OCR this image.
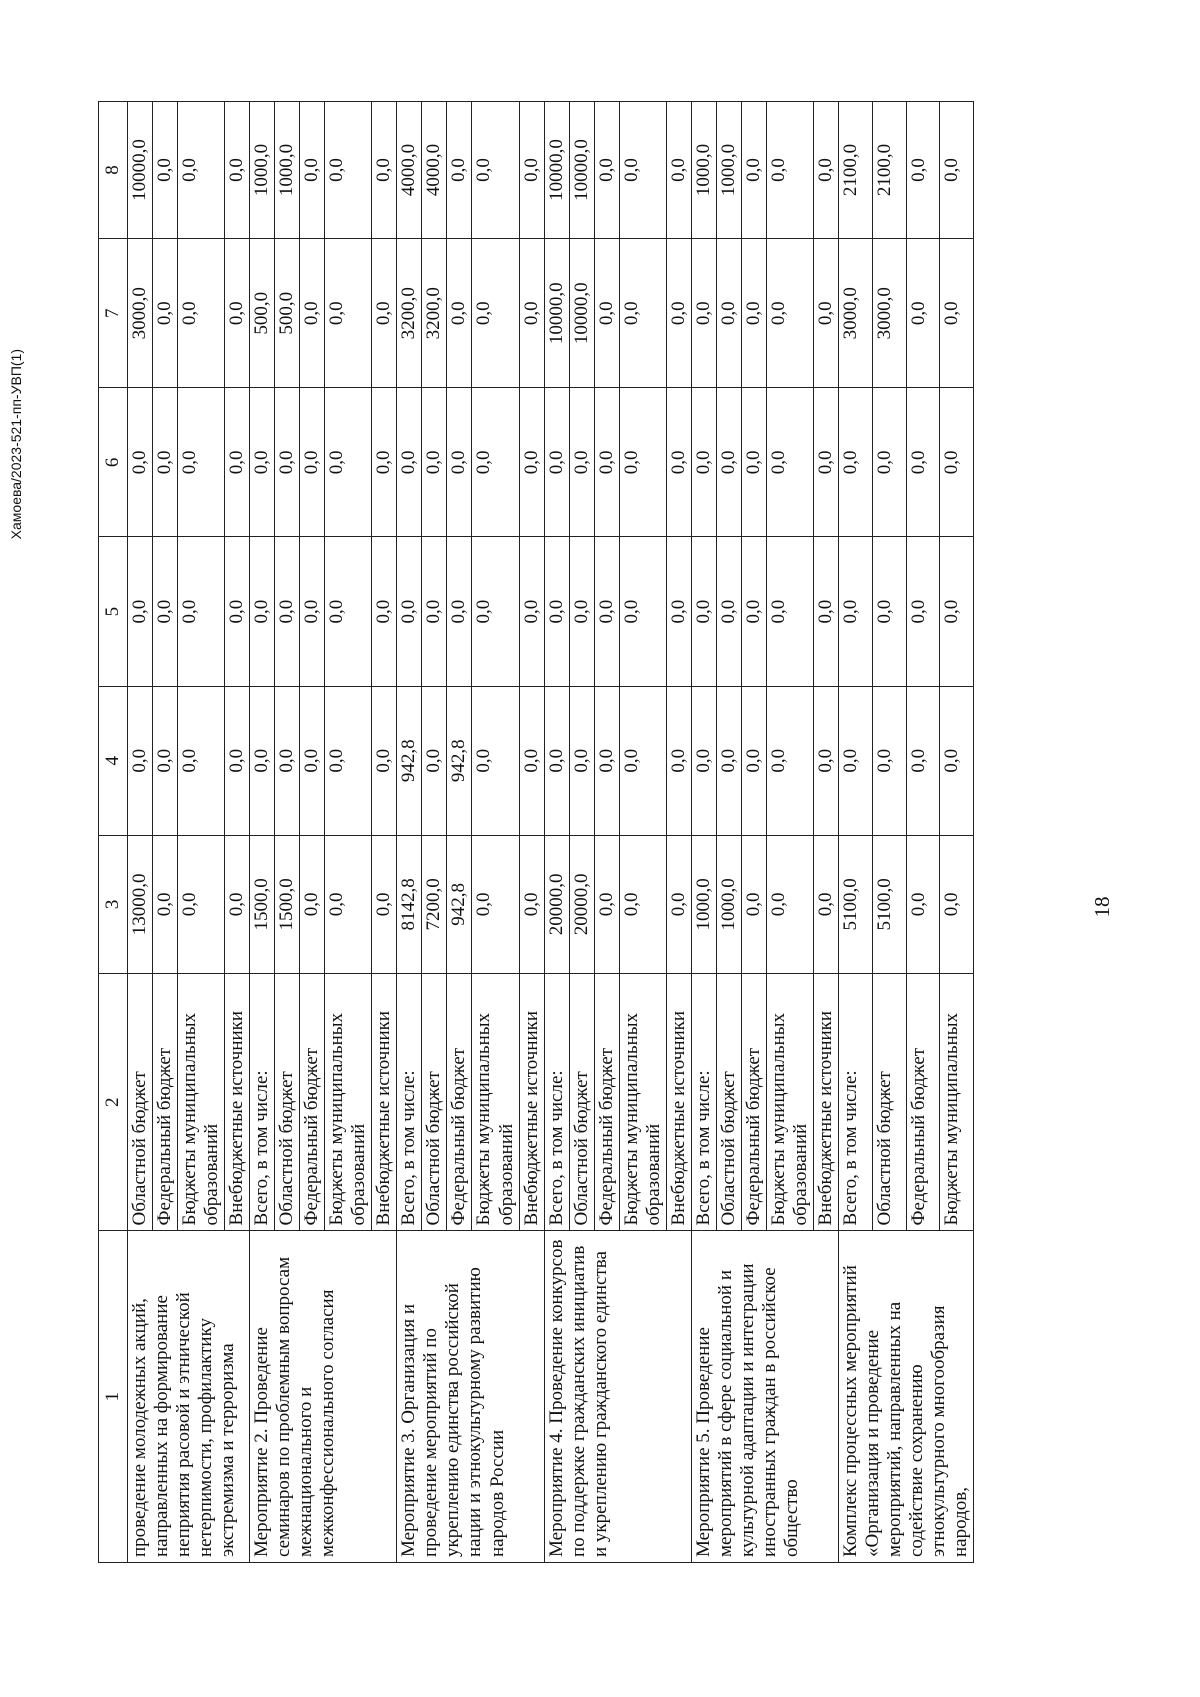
18
Хамоева/2023-521-пп-УВП(1)
1	2	3	4	5	6	7	8
проведение молодежных акций, направленных на формирование неприятия расовой и этнической нетерпимости, профилактику экстремизма и терроризма	Областной бюджет	13000,0	0,0	0,0	0,0	3000,0	10000,0
	Федеральный бюджет	0,0	0,0	0,0	0,0	0,0	0,0
	Бюджеты муниципальных образований	0,0	0,0	0,0	0,0	0,0	0,0
	Внебюджетные источники	0,0	0,0	0,0	0,0	0,0	0,0
Мероприятие 2. Проведение семинаров по проблемным вопросам межнационального и межконфессионального согласия	Всего, в том числе:	1500,0	0,0	0,0	0,0	500,0	1000,0
	Областной бюджет	1500,0	0,0	0,0	0,0	500,0	1000,0
	Федеральный бюджет	0,0	0,0	0,0	0,0	0,0	0,0
	Бюджеты муниципальных образований	0,0	0,0	0,0	0,0	0,0	0,0
	Внебюджетные источники	0,0	0,0	0,0	0,0	0,0	0,0
Мероприятие 3. Организация и проведение мероприятий по укреплению единства российской нации и этнокультурному развитию народов России	Всего, в том числе:	8142,8	942,8	0,0	0,0	3200,0	4000,0
	Областной бюджет	7200,0	0,0	0,0	0,0	3200,0	4000,0
	Федеральный бюджет	942,8	942,8	0,0	0,0	0,0	0,0
	Бюджеты муниципальных образований	0,0	0,0	0,0	0,0	0,0	0,0
	Внебюджетные источники	0,0	0,0	0,0	0,0	0,0	0,0
Мероприятие 4. Проведение конкурсов по поддержке гражданских инициатив и укреплению гражданского единства	Всего, в том числе:	20000,0	0,0	0,0	0,0	10000,0	10000,0
	Областной бюджет	20000,0	0,0	0,0	0,0	10000,0	10000,0
	Федеральный бюджет	0,0	0,0	0,0	0,0	0,0	0,0
	Бюджеты муниципальных образований	0,0	0,0	0,0	0,0	0,0	0,0
	Внебюджетные источники	0,0	0,0	0,0	0,0	0,0	0,0
Мероприятие 5. Проведение мероприятий в сфере социальной и культурной адаптации и интеграции иностранных граждан в российское общество	Всего, в том числе:	1000,0	0,0	0,0	0,0	0,0	1000,0
	Областной бюджет	1000,0	0,0	0,0	0,0	0,0	1000,0
	Федеральный бюджет	0,0	0,0	0,0	0,0	0,0	0,0
	Бюджеты муниципальных образований	0,0	0,0	0,0	0,0	0,0	0,0
	Внебюджетные источники	0,0	0,0	0,0	0,0	0,0	0,0
Комплекс процессных мероприятий «Организация и проведение мероприятий, направленных на содействие сохранению этнокультурного многообразия народов,	Всего, в том числе:	5100,0	0,0	0,0	0,0	3000,0	2100,0
	Областной бюджет	5100,0	0,0	0,0	0,0	3000,0	2100,0
	Федеральный бюджет	0,0	0,0	0,0	0,0	0,0	0,0
	Бюджеты муниципальных	0,0	0,0	0,0	0,0	0,0	0,0
